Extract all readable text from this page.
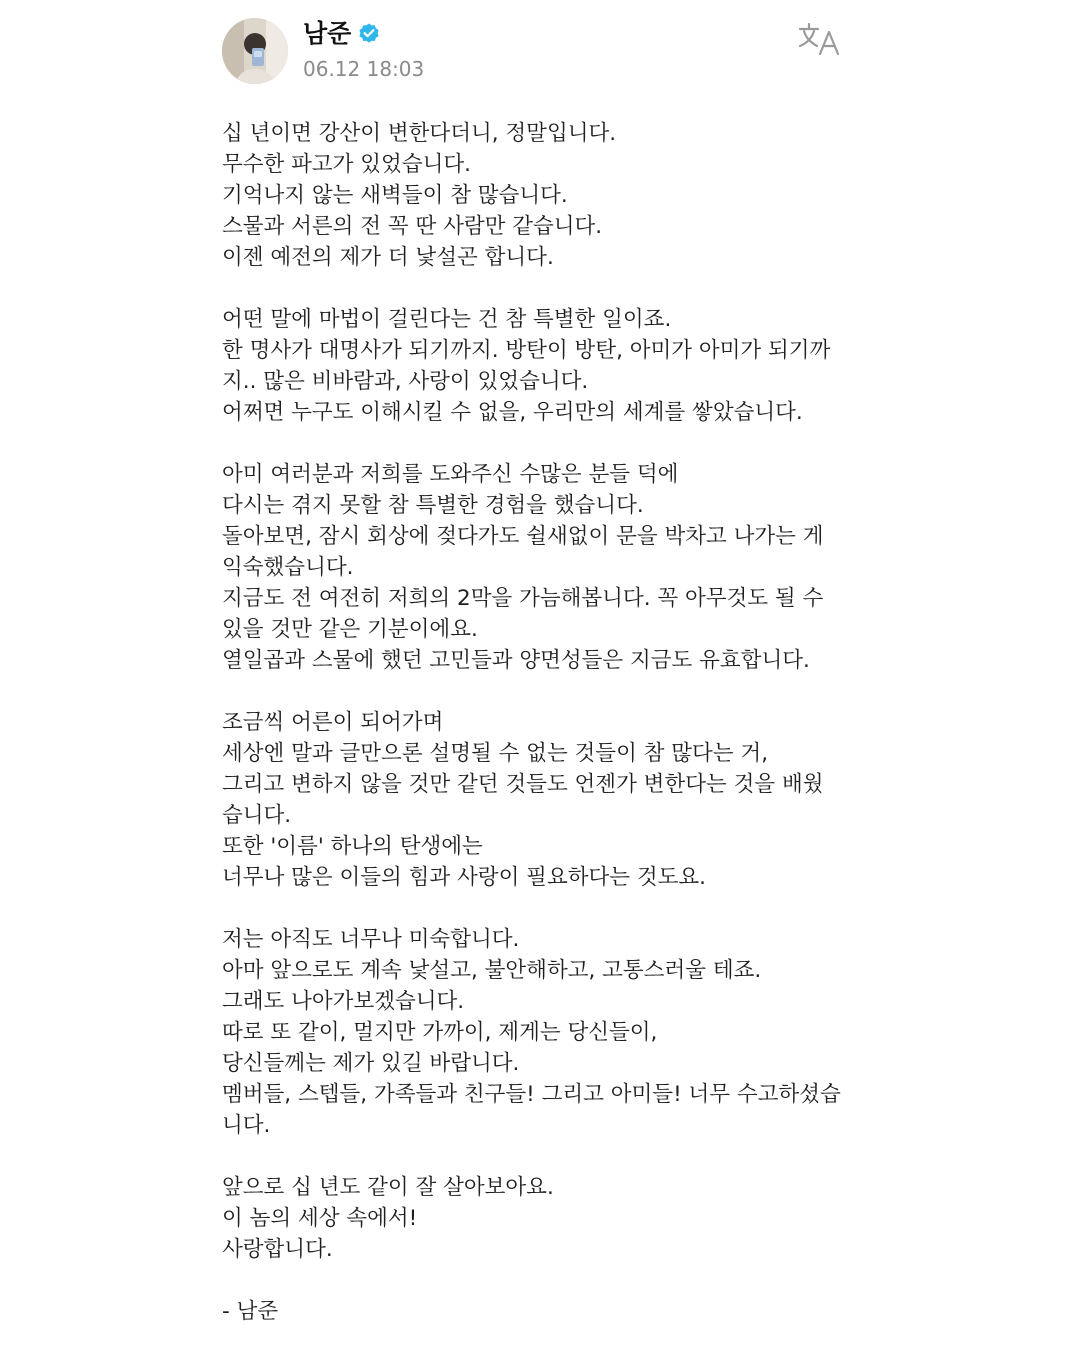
남준
06.12 18:03
십 년이면 강산이 변한다더니, 정말입니다.
무수한 파고가 있었습니다.
기억나지 않는 새벽들이 참 많습니다.
스물과 서른의 전 꼭 딴 사람만 같습니다.
이젠 예전의 제가 더 낯설곤 합니다.
어떤 말에 마법이 걸린다는 건 참 특별한 일이죠.
한 명사가 대명사가 되기까지. 방탄이 방탄, 아미가 아미가 되기까
지.. 많은 비바람과, 사랑이 있었습니다.
어쩌면 누구도 이해시킬 수 없을, 우리만의 세계를 쌓았습니다.
아미 여러분과 저희를 도와주신 수많은 분들 덕에
다시는 겪지 못할 참 특별한 경험을 했습니다.
돌아보면, 잠시 회상에 젖다가도 쉴새없이 문을 박차고 나가는 게
익숙했습니다.
지금도 전 여전히 저희의 2막을 가늠해봅니다. 꼭 아무것도 될 수
있을 것만 같은 기분이에요.
열일곱과 스물에 했던 고민들과 양면성들은 지금도 유효합니다.
조금씩 어른이 되어가며
세상엔 말과 글만으론 설명될 수 없는 것들이 참 많다는 거,
그리고 변하지 않을 것만 같던 것들도 언젠가 변한다는 것을 배웠
습니다.
또한 '이름' 하나의 탄생에는
너무나 많은 이들의 힘과 사랑이 필요하다는 것도요.
저는 아직도 너무나 미숙합니다.
아마 앞으로도 계속 낯설고, 불안해하고, 고통스러울 테죠.
그래도 나아가보겠습니다.
따로 또 같이, 멀지만 가까이, 제게는 당신들이,
당신들께는 제가 있길 바랍니다.
멤버들, 스텝들, 가족들과 친구들! 그리고 아미들! 너무 수고하셨습
니다.
앞으로 십 년도 같이 잘 살아보아요.
이 놈의 세상 속에서!
사랑합니다.
- 남준
